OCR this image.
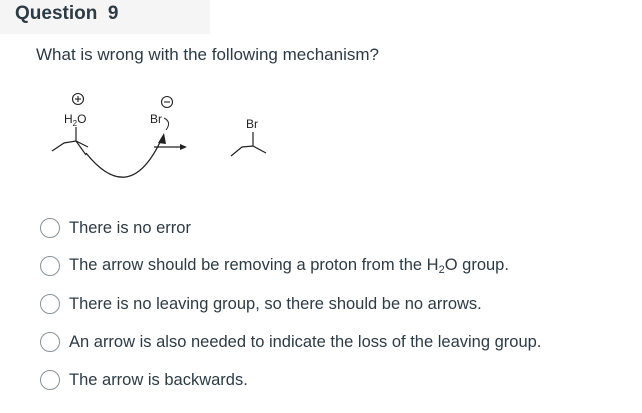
Question  9
What is wrong with the following mechanism?
$H_2O$	Br	Br
There is no error
The arrow should be removing a proton from the $H_2O$ group.
There is no leaving group, so there should be no arrows.
An arrow is also needed to indicate the loss of the leaving group.
The arrow is backwards.
